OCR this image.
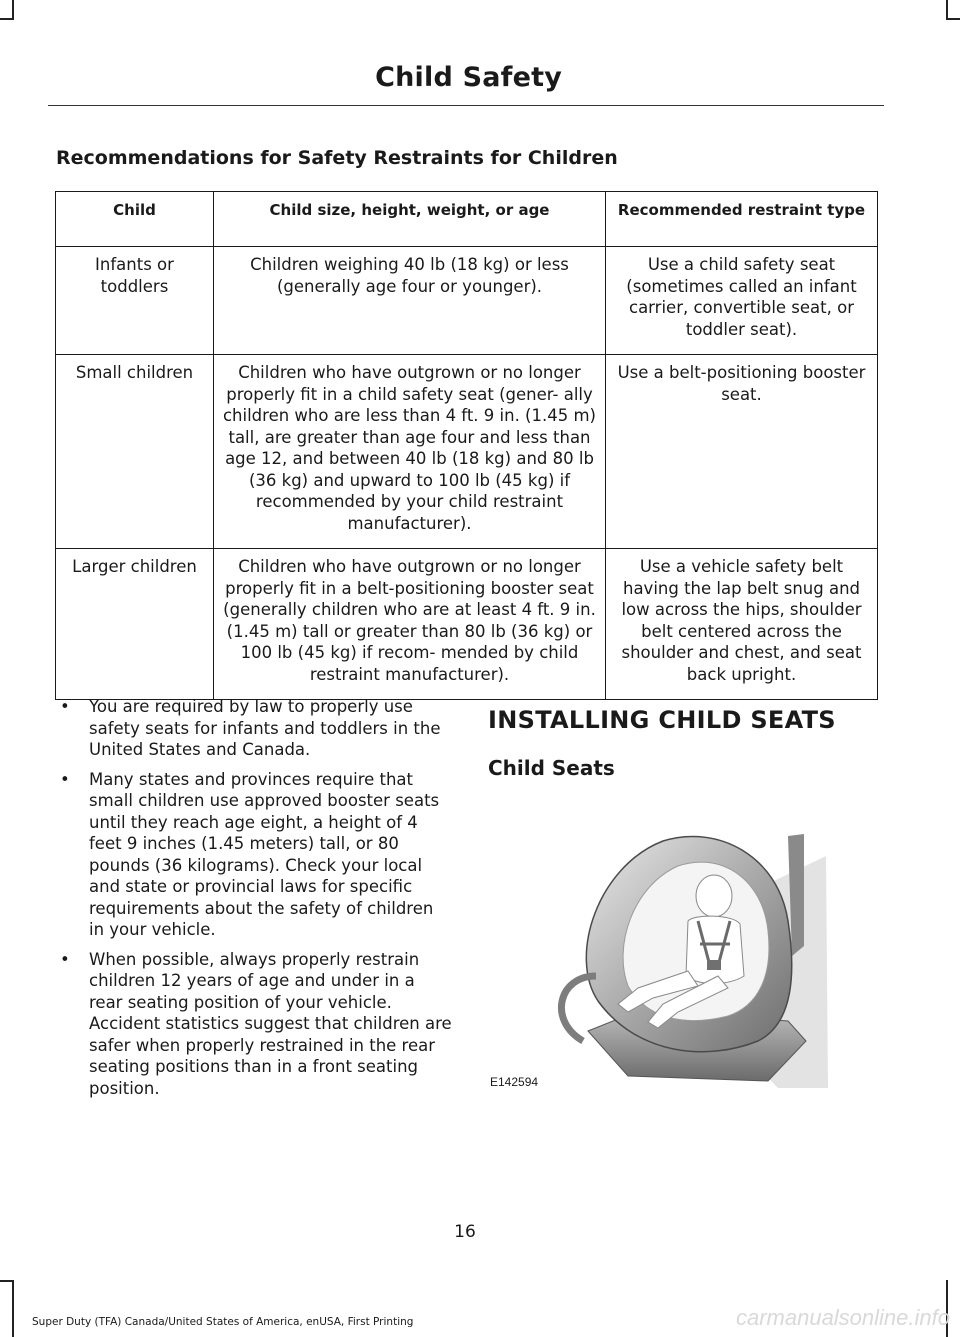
Child Safety
Recommendations for Safety Restraints for Children
Child	Child size, height, weight, or age	Recommended restraint type
Infants or toddlers	Children weighing 40 lb (18 kg) or less (generally age four or younger).	Use a child safety seat (sometimes called an infant carrier, convertible seat, or toddler seat).
Small children	Children who have outgrown or no longer properly fit in a child safety seat (gener- ally children who are less than 4 ft. 9 in. (1.45 m) tall, are greater than age four and less than age 12, and between 40 lb (18 kg) and 80 lb (36 kg) and upward to 100 lb (45 kg) if recommended by your child restraint manufacturer).	Use a belt-positioning booster seat.
Larger children	Children who have outgrown or no longer properly fit in a belt-positioning booster seat (generally children who are at least 4 ft. 9 in. (1.45 m) tall or greater than 80 lb (36 kg) or 100 lb (45 kg) if recom- mended by child restraint manufacturer).	Use a vehicle safety belt having the lap belt snug and low across the hips, shoulder belt centered across the shoulder and chest, and seat back upright.
• You are required by law to properly use safety seats for infants and toddlers in the United States and Canada.
• Many states and provinces require that small children use approved booster seats until they reach age eight, a height of 4 feet 9 inches (1.45 meters) tall, or 80 pounds (36 kilograms). Check your local and state or provincial laws for specific requirements about the safety of children in your vehicle.
• When possible, always properly restrain children 12 years of age and under in a rear seating position of your vehicle. Accident statistics suggest that children are safer when properly restrained in the rear seating positions than in a front seating position.
INSTALLING CHILD SEATS
Child Seats
E142594
16
Super Duty (TFA) Canada/United States of America, enUSA, First Printing	carmanualsonline.info
